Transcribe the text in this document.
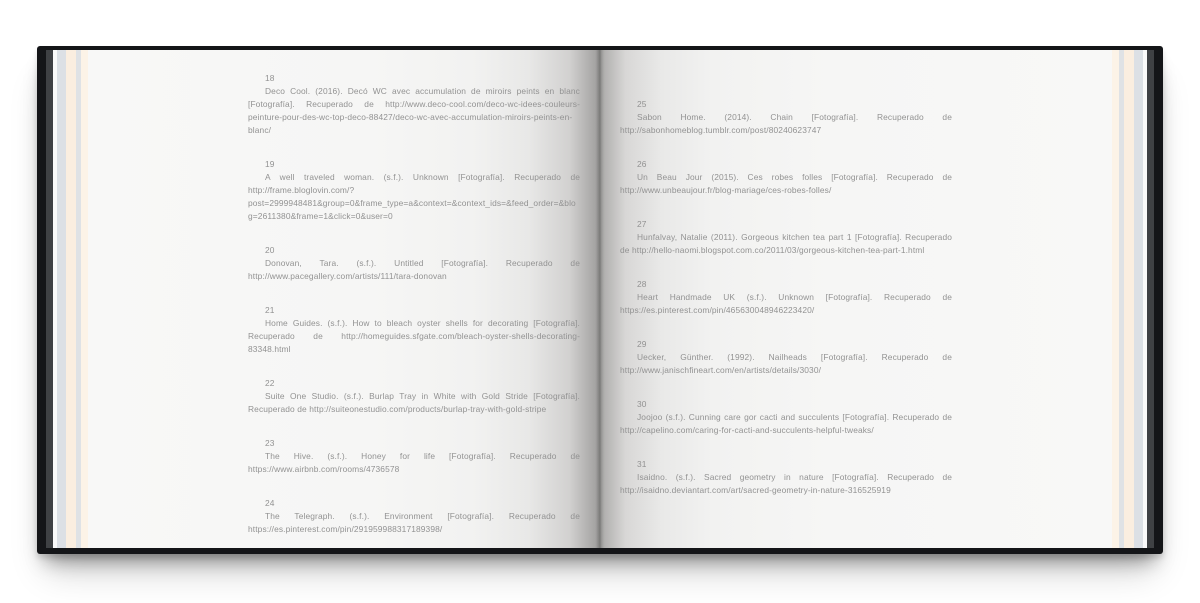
18

Deco Cool. (2016). Decó WC avec accumulation de miroirs peints en blanc [Fotografía]. Recuperado de http://www.deco-cool.com/deco-wc-idees-couleurs-peinture-pour-des-wc-top-deco-88427/deco-wc-avec-accumulation-miroirs-peints-en-blanc/

19

A well traveled woman. (s.f.). Unknown [Fotografía]. Recuperado de http://frame.bloglovin.com/?post=2999948481&group=0&frame_type=a&context=&context_ids=&feed_order=&blog=2611380&frame=1&click=0&user=0

20

Donovan, Tara. (s.f.). Untitled [Fotografía]. Recuperado de http://www.pacegallery.com/artists/111/tara-donovan

21

Home Guides. (s.f.). How to bleach oyster shells for decorating [Fotografía]. Recuperado de http://homeguides.sfgate.com/bleach-oyster-shells-decorating-83348.html

22

Suite One Studio. (s.f.). Burlap Tray in White with Gold Stride [Fotografía]. Recuperado de http://suiteonestudio.com/products/burlap-tray-with-gold-stripe

23

The Hive. (s.f.). Honey for life [Fotografía]. Recuperado de https://www.airbnb.com/rooms/4736578

24

The Telegraph. (s.f.). Environment [Fotografía]. Recuperado de https://es.pinterest.com/pin/291959988317189398/

25

Sabon Home. (2014). Chain [Fotografía]. Recuperado de http://sabonhomeblog.tumblr.com/post/80240623747

26

Un Beau Jour (2015). Ces robes folles [Fotografía]. Recuperado de http://www.unbeaujour.fr/blog-mariage/ces-robes-folles/

27

Hunfalvay, Natalie (2011). Gorgeous kitchen tea part 1 [Fotografía]. Recuperado de http://hello-naomi.blogspot.com.co/2011/03/gorgeous-kitchen-tea-part-1.html

28

Heart Handmade UK (s.f.). Unknown [Fotografía]. Recuperado de https://es.pinterest.com/pin/465630048946223420/

29

Uecker, Günther. (1992). Nailheads [Fotografía]. Recuperado de http://www.janischfineart.com/en/artists/details/3030/

30

Joojoo (s.f.). Cunning care gor cacti and succulents [Fotografía]. Recuperado de http://capelino.com/caring-for-cacti-and-succulents-helpful-tweaks/

31

Isaidno. (s.f.). Sacred geometry in nature [Fotografía]. Recuperado de http://isaidno.deviantart.com/art/sacred-geometry-in-nature-316525919
